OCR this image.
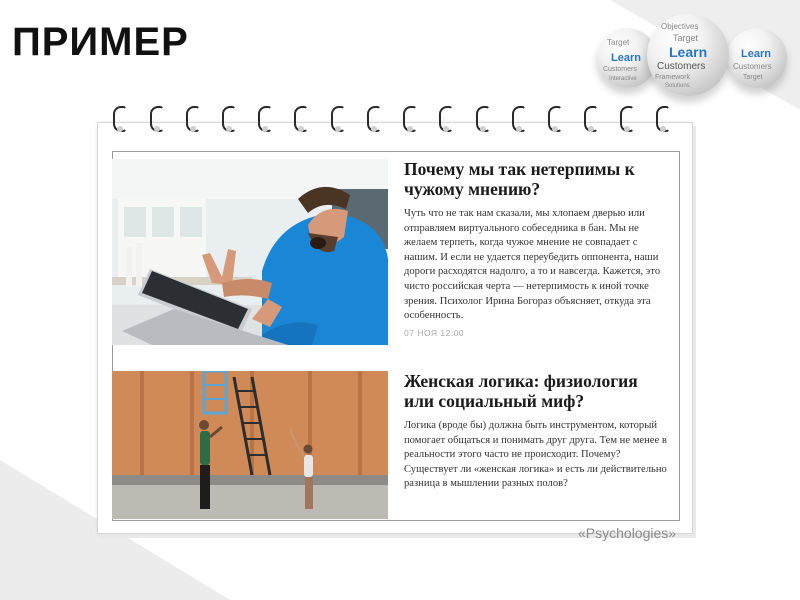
ПРИМЕР	Target
Learn
Customers
Interactive
Objectives
Target
Learn
Customers
Framework
Solutions
Learn
Customers
Target
Почему мы так нетерпимы к чужому мнению?

Чуть что не так нам сказали, мы хлопаем дверью или отправляем виртуального собеседника в бан. Мы не желаем терпеть, когда чужое мнение не совпадает с нашим. И если не удается переубедить оппонента, наши дороги расходятся надолго, а то и навсегда. Кажется, это чисто российская черта — нетерпимость к иной точке зрения. Психолог Ирина Богораз объясняет, откуда эта особенность.

07 НОЯ 12:00
Женская логика: физиология или социальный миф?

Логика (вроде бы) должна быть инструментом, который помогает общаться и понимать друг друга. Тем не менее в реальности этого часто не происходит. Почему? Существует ли «женская логика» и есть ли действительно разница в мышлении разных полов?

«Psychologies»
